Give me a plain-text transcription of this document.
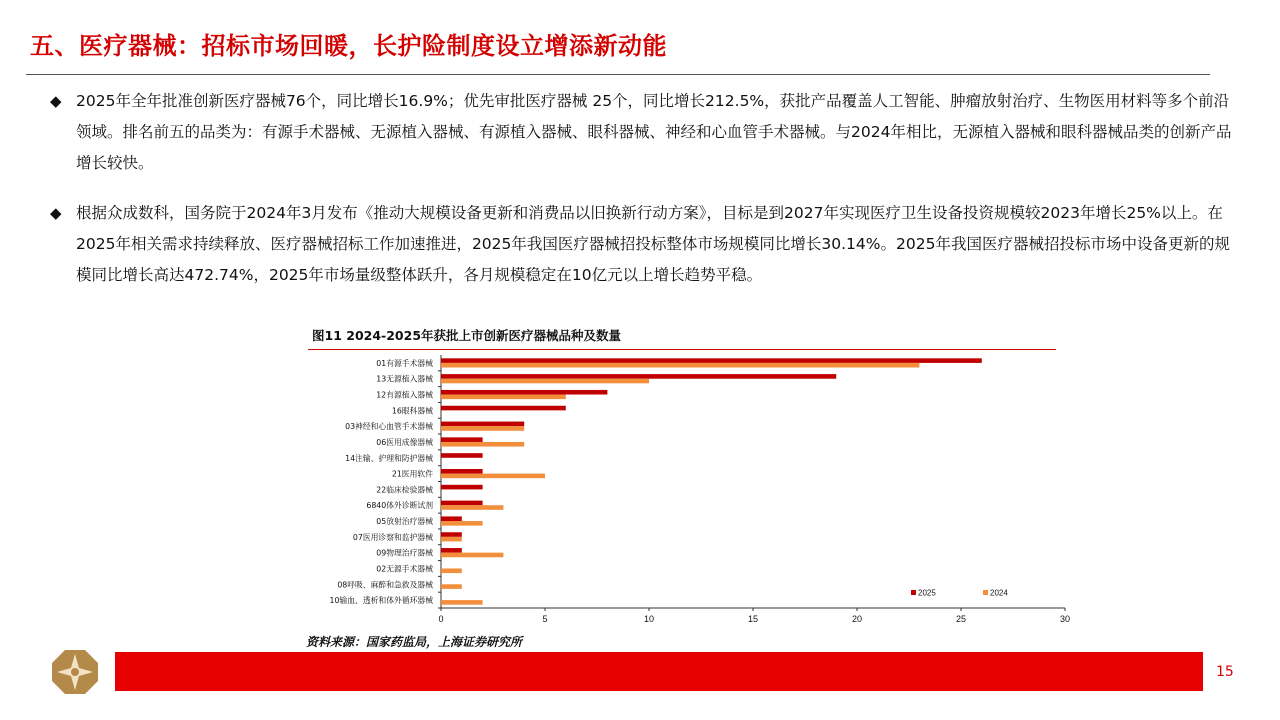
五、医疗器械：招标市场回暖，长护险制度设立增添新动能
◆ 2025年全年批准创新医疗器械76个，同比增长16.9%；优先审批医疗器械 25个，同比增长212.5%，获批产品覆盖人工智能、肿瘤放射治疗、生物医用材料等多个前沿领域。排名前五的品类为：有源手术器械、无源植入器械、有源植入器械、眼科器械、神经和心血管手术器械。与2024年相比，无源植入器械和眼科器械品类的创新产品增长较快。
◆ 根据众成数科，国务院于2024年3月发布《推动大规模设备更新和消费品以旧换新行动方案》，目标是到2027年实现医疗卫生设备投资规模较2023年增长25%以上。在2025年相关需求持续释放、医疗器械招标工作加速推进，2025年我国医疗器械招投标整体市场规模同比增长30.14%。2025年我国医疗器械招投标市场中设备更新的规模同比增长高达472.74%，2025年市场量级整体跃升，各月规模稳定在10亿元以上增长趋势平稳。
图11 2024-2025年获批上市创新医疗器械品种及数量
0	5	10	15	20	25	30
01有源手术器械
13无源植入器械
12有源植入器械
16眼科器械
03神经和心血管手术器械
06医用成像器械
14注输、护理和防护器械
21医用软件
22临床检验器械
6840体外诊断试剂
05放射治疗器械
07医用诊察和监护器械
09物理治疗器械
02无源手术器械
08呼吸、麻醉和急救及器械
10输血、透析和体外循环器械
2025	2024
资料来源：国家药监局，上海证券研究所
15
